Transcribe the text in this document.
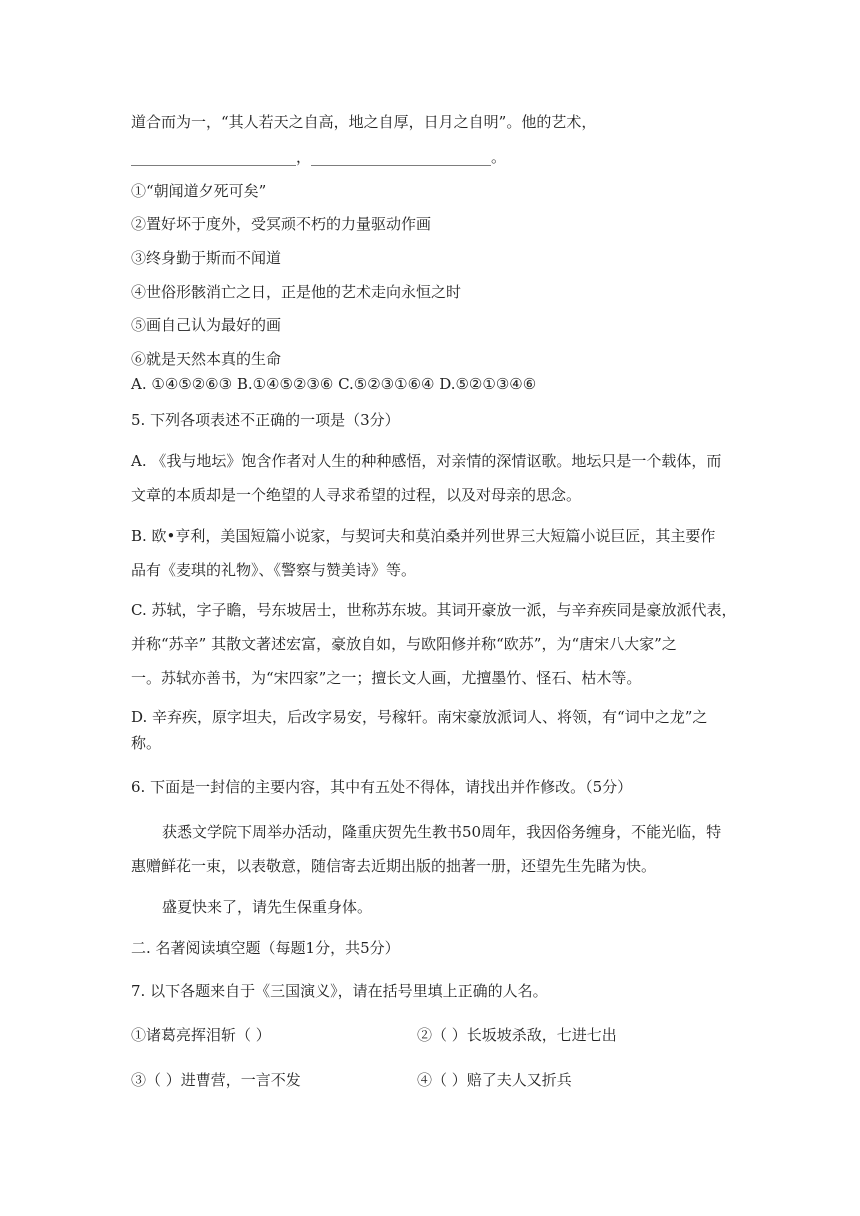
道合而为一，“其人若天之自高，地之自厚，日月之自明”。他的艺术，
______________________，________________________。
①“朝闻道夕死可矣”
②置好坏于度外，受冥顽不朽的力量驱动作画
③终身勤于斯而不闻道
④世俗形骸消亡之日，正是他的艺术走向永恒之时
⑤画自己认为最好的画
⑥就是天然本真的生命
A. ①④⑤②⑥③ B.①④⑤②③⑥ C.⑤②③①⑥④ D.⑤②①③④⑥
5. 下列各项表述不正确的一项是（3分）
A. 《我与地坛》饱含作者对人生的种种感悟，对亲情的深情讴歌。地坛只是一个载体，而
文章的本质却是一个绝望的人寻求希望的过程，以及对母亲的思念。
B. 欧•亨利，美国短篇小说家，与契诃夫和莫泊桑并列世界三大短篇小说巨匠，其主要作
品有《麦琪的礼物》、《警察与赞美诗》等。
C. 苏轼，字子瞻，号东坡居士，世称苏东坡。其词开豪放一派，与辛弃疾同是豪放派代表，
并称“苏辛” 其散文著述宏富，豪放自如，与欧阳修并称“欧苏”，为“唐宋八大家”之
一。苏轼亦善书，为“宋四家”之一；擅长文人画，尤擅墨竹、怪石、枯木等。
D. 辛弃疾，原字坦夫，后改字易安，号稼轩。南宋豪放派词人、将领，有“词中之龙”之
称。
6. 下面是一封信的主要内容，其中有五处不得体，请找出并作修改。（5分）
获悉文学院下周举办活动，隆重庆贺先生教书50周年，我因俗务缠身，不能光临，特
惠赠鲜花一束，以表敬意，随信寄去近期出版的拙著一册，还望先生先睹为快。
盛夏快来了，请先生保重身体。
二. 名著阅读填空题（每题1分，共5分）
7. 以下各题来自于《三国演义》，请在括号里填上正确的人名。
①诸葛亮挥泪斩（ ）	②（ ）长坂坡杀敌，七进七出
③（ ）进曹营，一言不发	④（ ）赔了夫人又折兵
